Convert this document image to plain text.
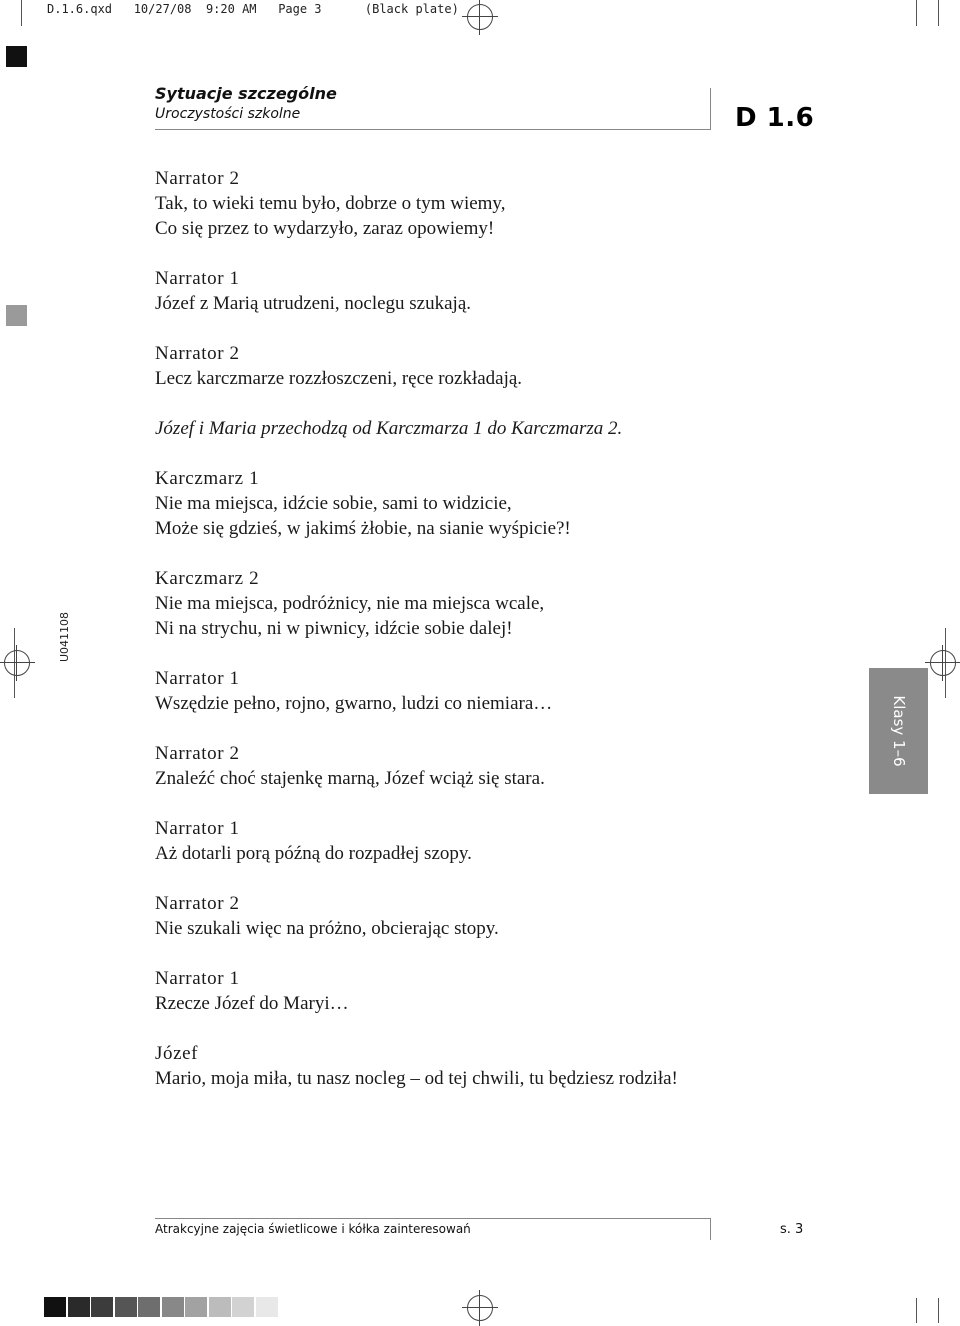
D.1.6.qxd   10/27/08  9:20 AM   Page 3      (Black plate)
Sytuacje szczególne
Uroczystości szkolne	D 1.6
U041108
Klasy 1–6
Narrator 2
Tak, to wieki temu było, dobrze o tym wiemy,
Co się przez to wydarzyło, zaraz opowiemy!
Narrator 1
Józef z Marią utrudzeni, noclegu szukają.
Narrator 2
Lecz karczmarze rozzłoszczeni, ręce rozkładają.
Józef i Maria przechodzą od Karczmarza 1 do Karczmarza 2.
Karczmarz 1
Nie ma miejsca, idźcie sobie, sami to widzicie,
Może się gdzieś, w jakimś żłobie, na sianie wyśpicie?!
Karczmarz 2
Nie ma miejsca, podróżnicy, nie ma miejsca wcale,
Ni na strychu, ni w piwnicy, idźcie sobie dalej!
Narrator 1
Wszędzie pełno, rojno, gwarno, ludzi co niemiara…
Narrator 2
Znaleźć choć stajenkę marną, Józef wciąż się stara.
Narrator 1
Aż dotarli porą późną do rozpadłej szopy.
Narrator 2
Nie szukali więc na próżno, obcierając stopy.
Narrator 1
Rzecze Józef do Maryi…
Józef
Mario, moja miła, tu nasz nocleg – od tej chwili, tu będziesz rodziła!
Atrakcyjne zajęcia świetlicowe i kółka zainteresowań	s. 3
